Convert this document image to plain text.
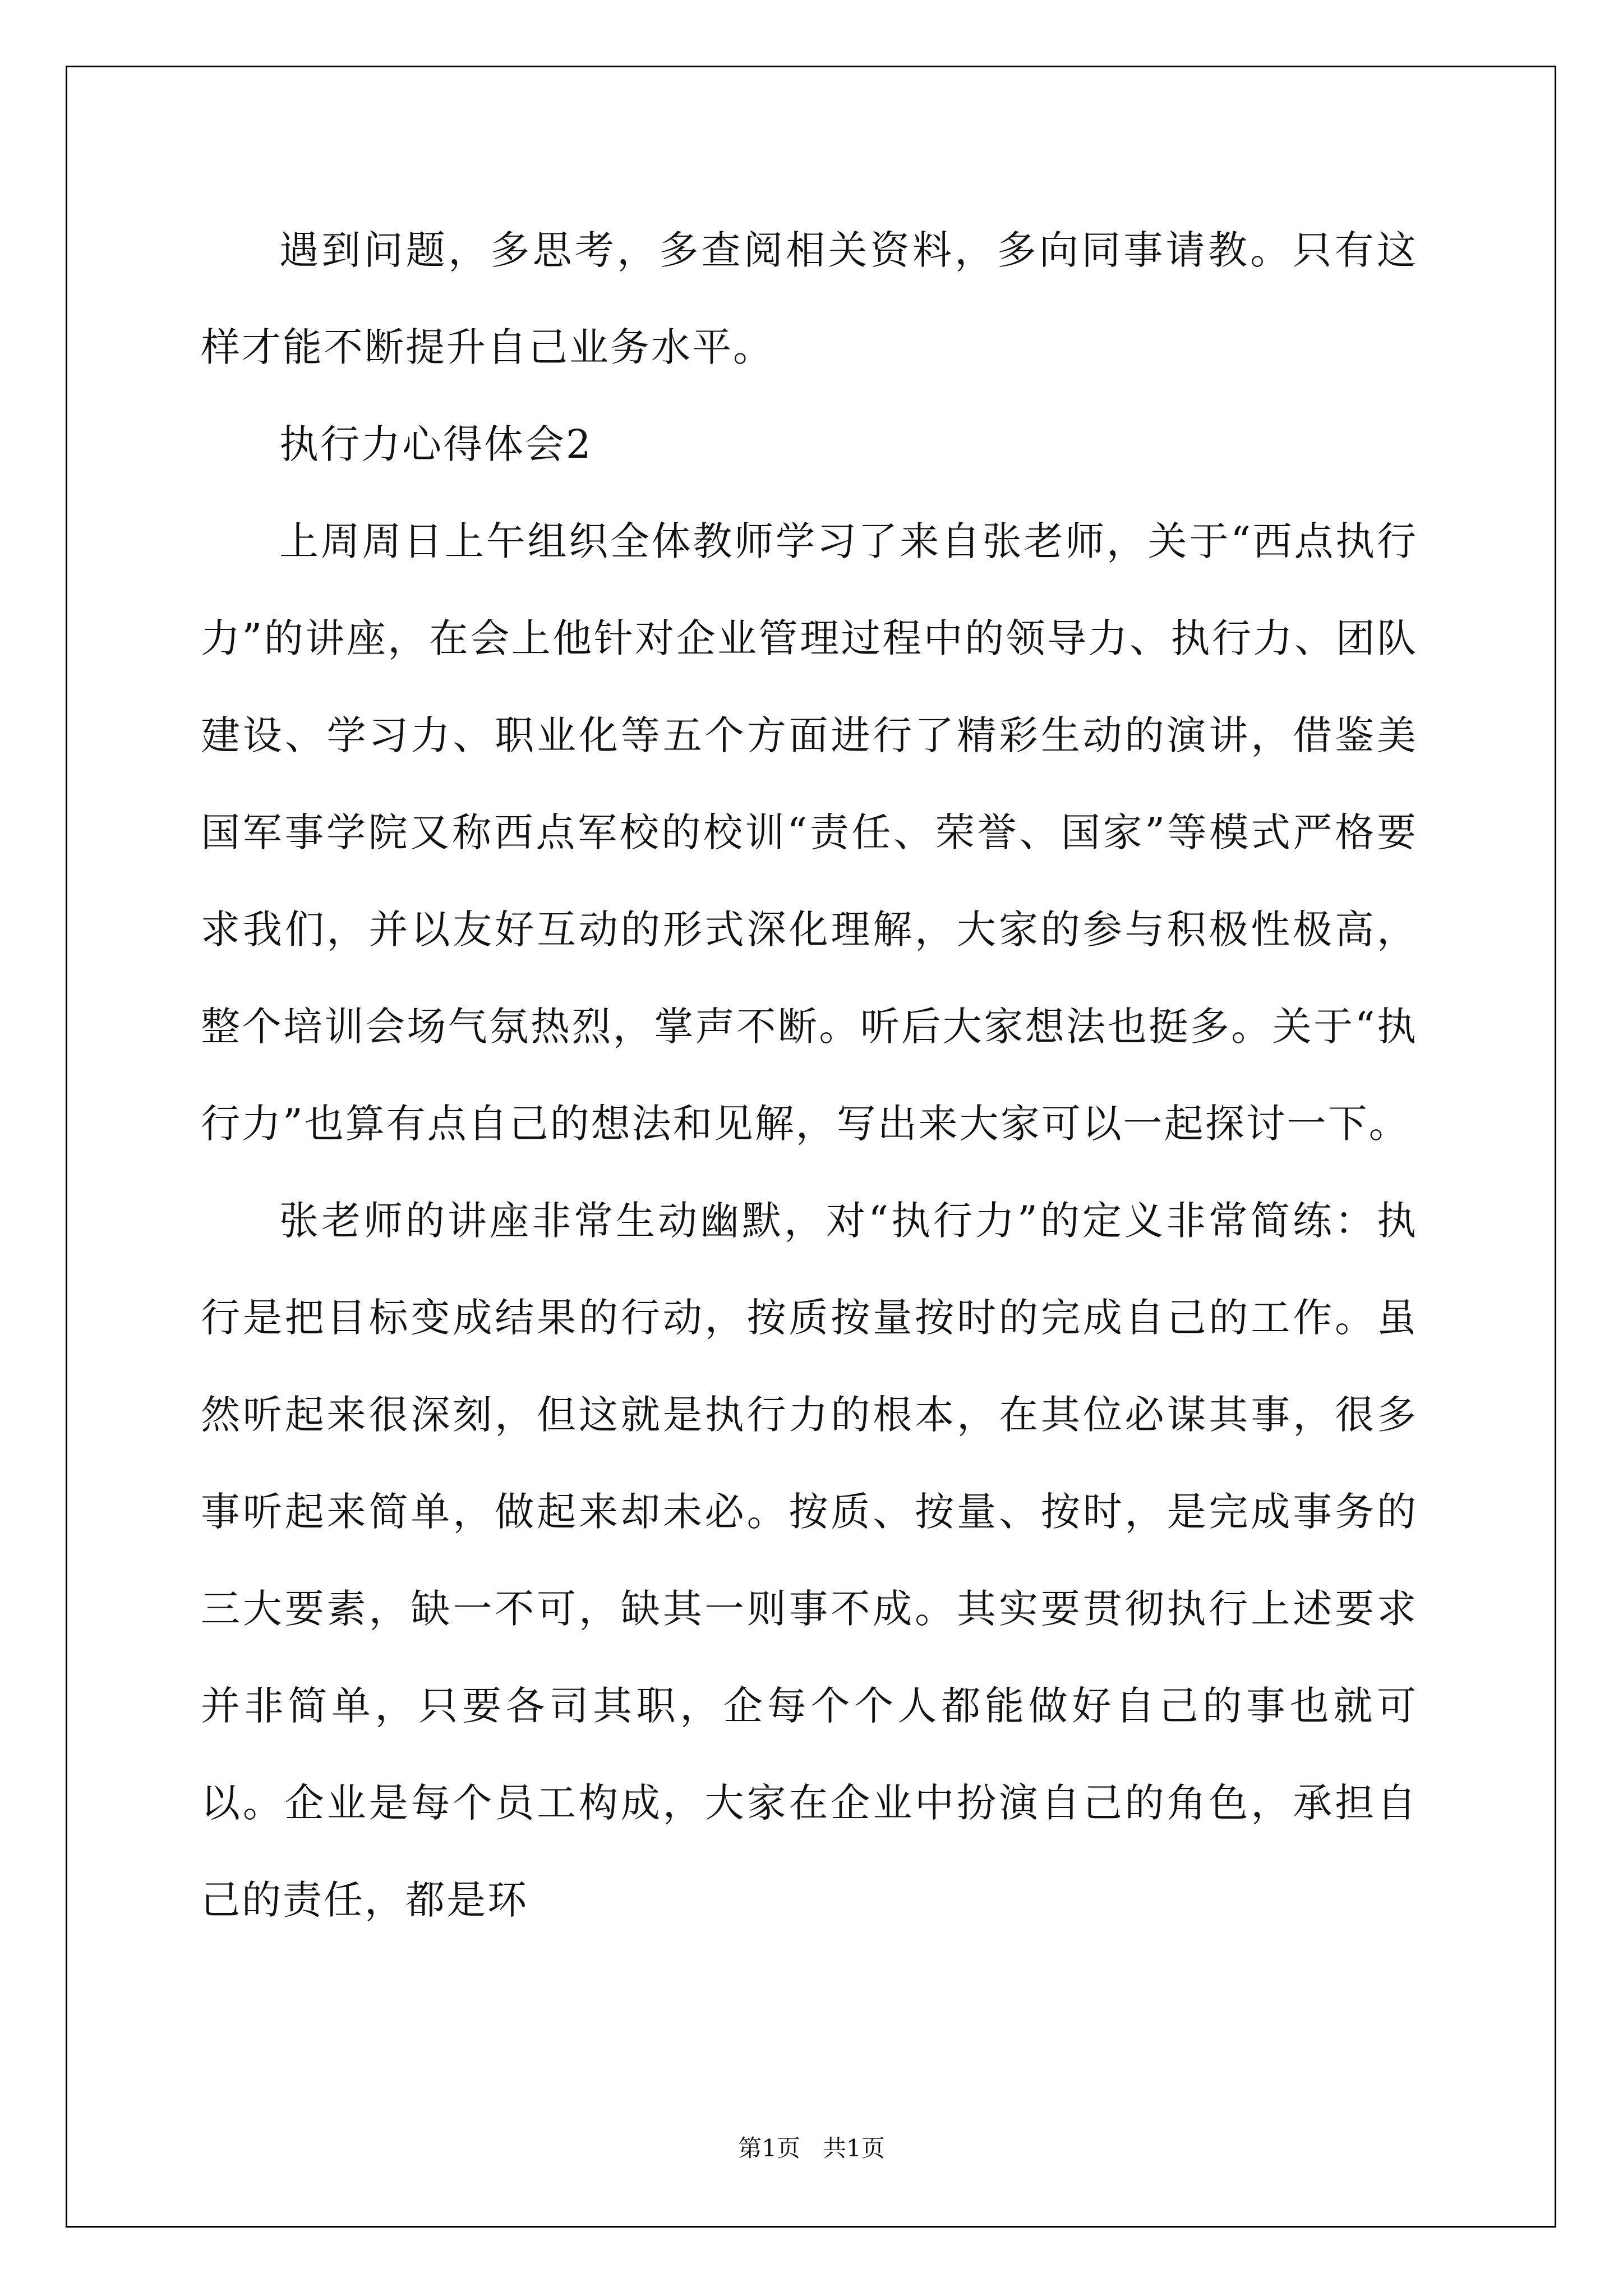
遇到问题，多思考，多查阅相关资料，多向同事请教。只有这样才能不断提升自己业务水平。

执行力心得体会2

上周周日上午组织全体教师学习了来自张老师，关于“西点执行力”的讲座，在会上他针对企业管理过程中的领导力、执行力、团队建设、学习力、职业化等五个方面进行了精彩生动的演讲，借鉴美国军事学院又称西点军校的校训“责任、荣誉、国家”等模式严格要求我们，并以友好互动的形式深化理解，大家的参与积极性极高，整个培训会场气氛热烈，掌声不断。听后大家想法也挺多。关于“执行力”也算有点自己的想法和见解，写出来大家可以一起探讨一下。

张老师的讲座非常生动幽默，对“执行力”的定义非常简练：执行是把目标变成结果的行动，按质按量按时的完成自己的工作。虽然听起来很深刻，但这就是执行力的根本，在其位必谋其事，很多事听起来简单，做起来却未必。按质、按量、按时，是完成事务的三大要素，缺一不可，缺其一则事不成。其实要贯彻执行上述要求并非简单，只要各司其职，企每个个人都能做好自己的事也就可以。企业是每个员工构成，大家在企业中扮演自己的角色，承担自己的责任，都是环

第1页 共1页
